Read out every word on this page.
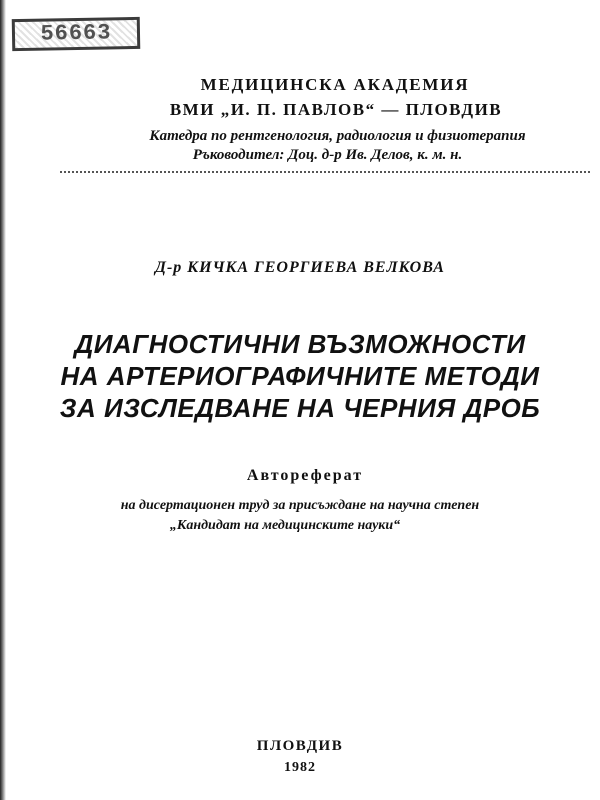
56663
МЕДИЦИНСКА АКАДЕМИЯ
ВМИ „И. П. ПАВЛОВ“ — ПЛОВДИВ
Катедра по рентгенология, радиология и физиотерапия
Ръководител: Доц. д-р Ив. Делов, к. м. н.
Д-р КИЧКА ГЕОРГИЕВА ВЕЛКОВА
ДИАГНОСТИЧНИ ВЪЗМОЖНОСТИ
НА АРТЕРИОГРАФИЧНИТЕ МЕТОДИ
ЗА ИЗСЛЕДВАНЕ НА ЧЕРНИЯ ДРОБ
Автореферат
на дисертационен труд за присъждане на научна степен
„Кандидат на медицинските науки“
ПЛОВДИВ
1982
